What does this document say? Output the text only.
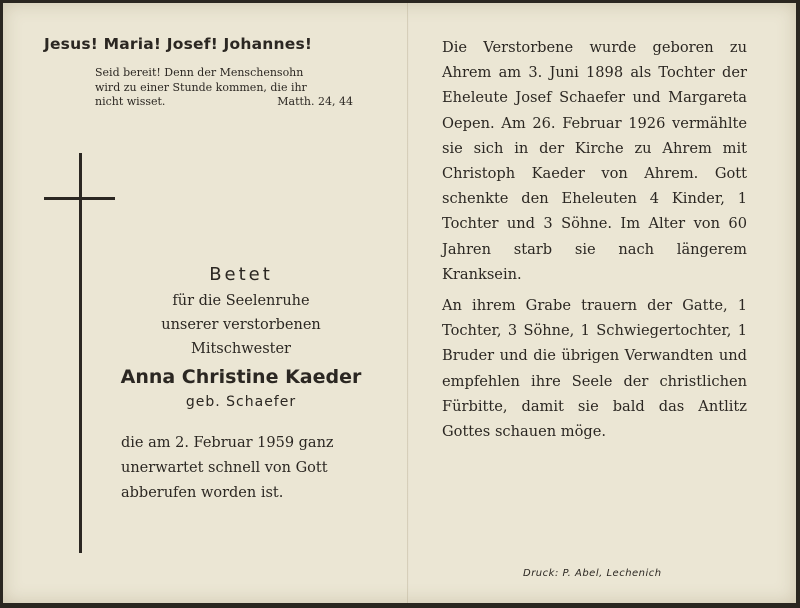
Jesus! Maria! Josef! Johannes!
Seid bereit! Denn der Menschensohn
wird zu einer Stunde kommen, die ihr
nicht wisset.	Matth. 24, 44
Betet
für die Seelenruhe
unserer verstorbenen
Mitschwester
Anna Christine Kaeder
geb. Schaefer
die am 2. Februar 1959 ganz
unerwartet schnell von Gott
abberufen worden ist.

Die Verstorbene wurde geboren zu Ahrem am 3. Juni 1898 als Tochter der Eheleute Josef Schaefer und Margareta Oepen. Am 26. Februar 1926 vermählte sie sich in der Kirche zu Ahrem mit Christoph Kaeder von Ahrem. Gott schenkte den Eheleuten 4 Kinder, 1 Tochter und 3 Söhne. Im Alter von 60 Jahren starb sie nach längerem Kranksein.

An ihrem Grabe trauern der Gatte, 1 Tochter, 3 Söhne, 1 Schwiegertochter, 1 Bruder und die übrigen Verwandten und empfehlen ihre Seele der christlichen Fürbitte, damit sie bald das Antlitz Gottes schauen möge.

Druck: P. Abel, Lechenich
